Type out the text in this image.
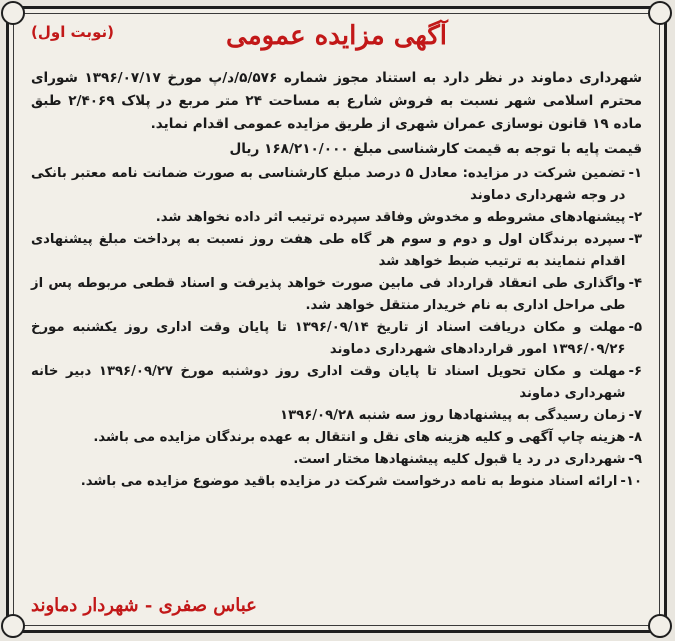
آگهی مزایده عمومی
(نوبت اول)

شهرداری دماوند در نظر دارد به استناد مجوز شماره ۵/۵۷۶/د/پ مورخ ۱۳۹۶/۰۷/۱۷ شورای محترم اسلامی شهر نسبت به فروش شارع به مساحت ۲۴ متر مربع در پلاک ۲/۴۰۶۹ طبق ماده ۱۹ قانون نوسازی عمران شهری از طریق مزایده عمومی اقدام نماید.

قیمت پایه با توجه به قیمت کارشناسی مبلغ ۱۶۸/۲۱۰/۰۰۰ ریال

۱-

تضمین شرکت در مزایده: معادل ۵ درصد مبلغ کارشناسی به صورت ضمانت نامه معتبر بانکی در وجه شهرداری دماوند

۲-

پیشنهادهای مشروطه و مخدوش وفاقد سپرده ترتیب اثر داده نخواهد شد.

۳-

سپرده برندگان اول و دوم و سوم هر گاه طی هفت روز نسبت به پرداخت مبلغ پیشنهادی اقدام ننمایند به ترتیب ضبط خواهد شد

۴-

واگذاری طی انعقاد قرارداد فی مابین صورت خواهد پذیرفت و اسناد قطعی مربوطه پس از طی مراحل اداری به نام خریدار منتقل خواهد شد.

۵-

مهلت و مکان دریافت اسناد از تاریخ ۱۳۹۶/۰۹/۱۴ تا پایان وقت اداری روز یکشنبه مورخ ۱۳۹۶/۰۹/۲۶ امور قراردادهای شهرداری دماوند

۶-

مهلت و مکان تحویل اسناد تا پایان وقت اداری روز دوشنبه مورخ ۱۳۹۶/۰۹/۲۷ دبیر خانه شهرداری دماوند

۷-

زمان رسیدگی به پیشنهادها روز سه شنبه ۱۳۹۶/۰۹/۲۸

۸-

هزینه چاپ آگهی و کلیه هزینه های نقل و انتقال به عهده برندگان مزایده می باشد.

۹-

شهرداری در رد یا قبول کلیه پیشنهادها مختار است.

۱۰-

ارائه اسناد منوط به نامه درخواست شرکت در مزایده باقید موضوع مزایده می باشد.

عباس صفری - شهردار دماوند
